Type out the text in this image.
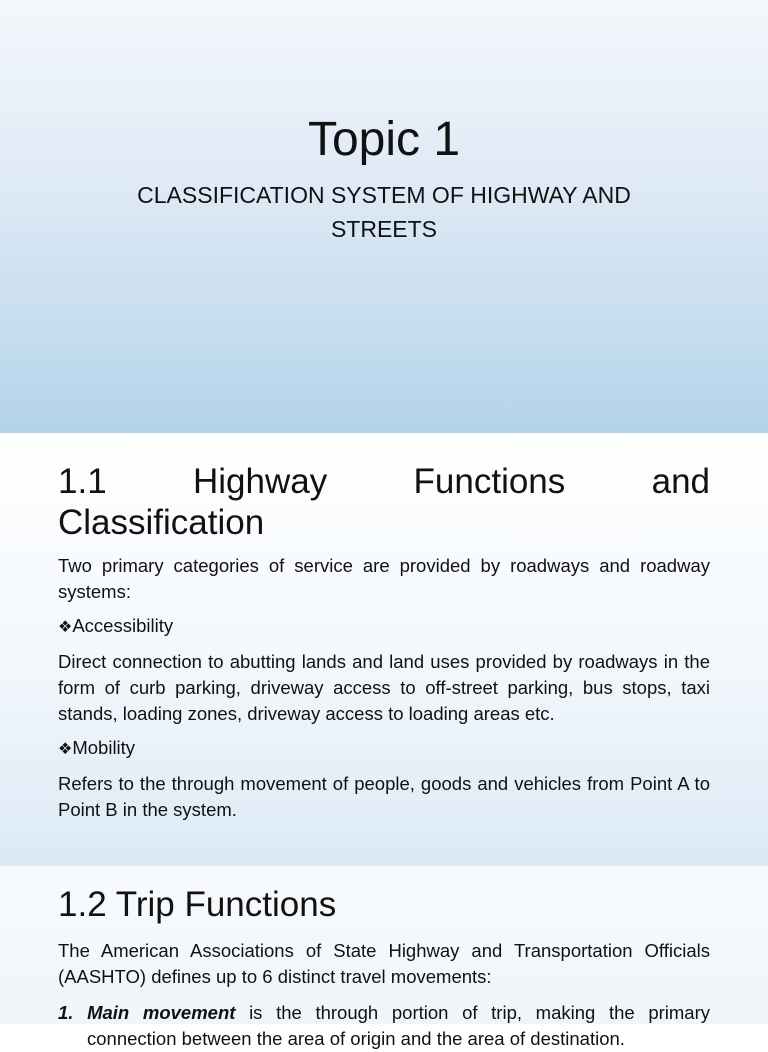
Topic 1
CLASSIFICATION SYSTEM OF HIGHWAY AND STREETS

1.1 Highway Functions and

Classification

Two primary categories of service are provided by roadways and roadway systems:

❖Accessibility

Direct connection to abutting lands and land uses provided by roadways in the form of curb parking, driveway access to off-street parking, bus stops, taxi stands, loading zones, driveway access to loading areas etc.

❖Mobility

Refers to the through movement of people, goods and vehicles from Point A to Point B in the system.

1.2 Trip Functions

The American Associations of State Highway and Transportation Officials (AASHTO) defines up to 6 distinct travel movements:

1. Main movement is the through portion of trip, making the primary connection between the area of origin and the area of destination.
